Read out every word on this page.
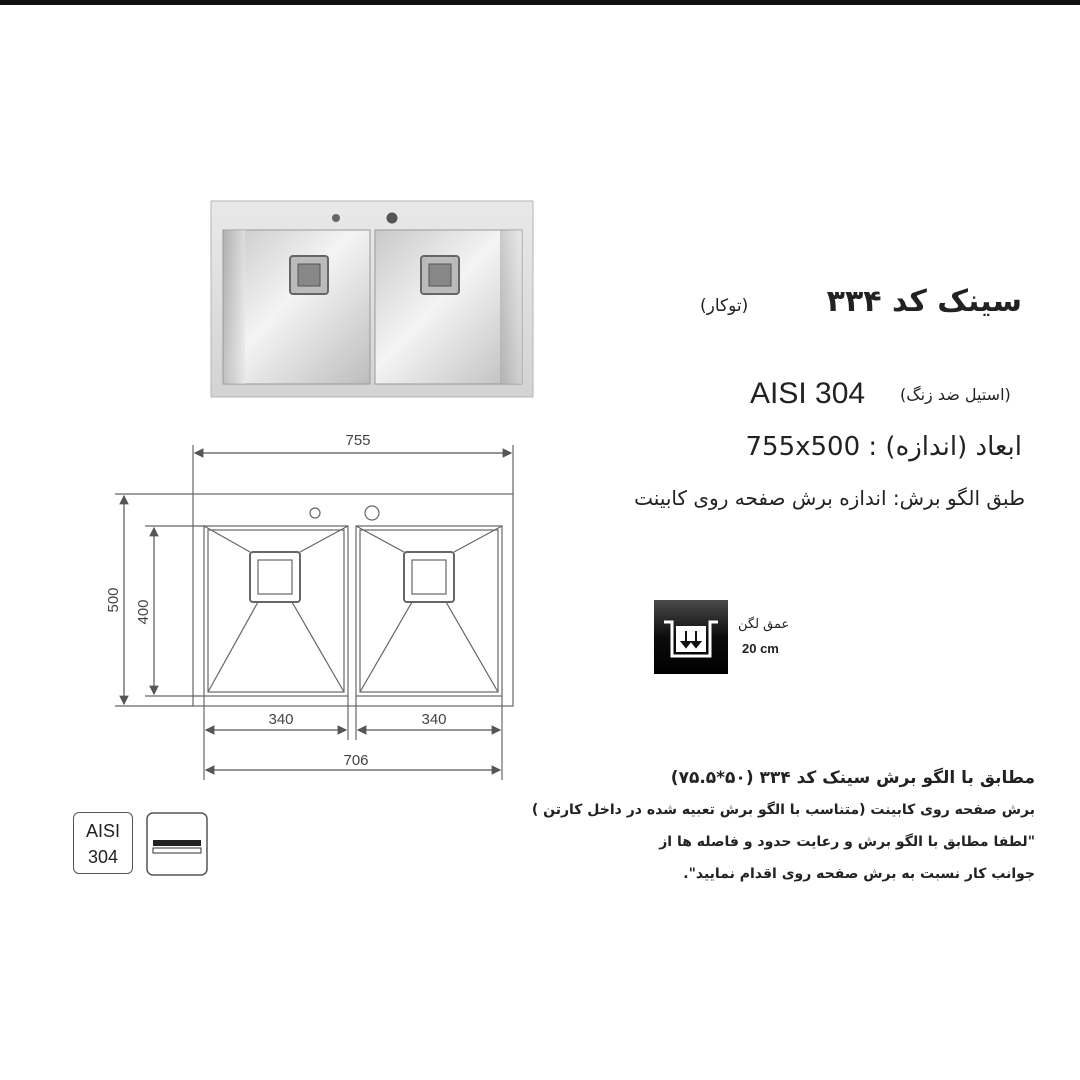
755
500 400
340	340
706
سینک کد ۳۳۴
(توکار)
AISI 304 (استیل ضد زنگ)
ابعاد (اندازه) : 755x500
طبق الگو برش: اندازه برش صفحه روی کابینت
عمق لگن
20 cm
مطابق با الگو برش سینک کد ۳۳۴ (۵۰*۷۵.۵)
برش صفحه روی کابینت (متناسب با الگو برش تعبیه شده در داخل کارتن )
"لطفا مطابق با الگو برش و رعایت حدود و فاصله ها از
جوانب کار نسبت به برش صفحه روی اقدام نمایید".
AISI
304
